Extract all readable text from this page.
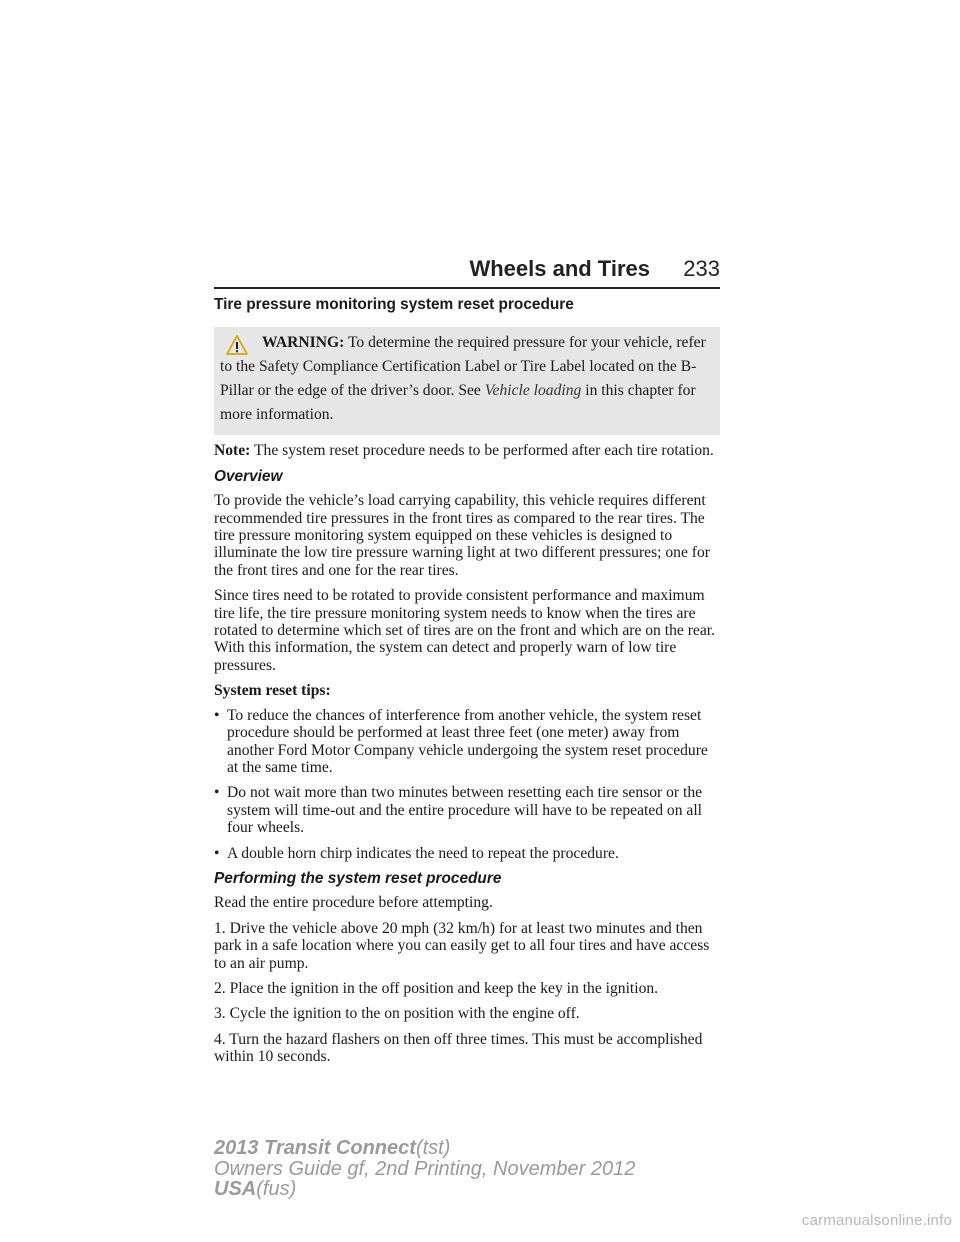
Wheels and Tires 233
Tire pressure monitoring system reset procedure
WARNING: To determine the required pressure for your vehicle, refer to the Safety Compliance Certification Label or Tire Label located on the B-Pillar or the edge of the driver’s door. See Vehicle loading in this chapter for more information.
Note: The system reset procedure needs to be performed after each tire rotation.
Overview
To provide the vehicle’s load carrying capability, this vehicle requires different recommended tire pressures in the front tires as compared to the rear tires. The tire pressure monitoring system equipped on these vehicles is designed to illuminate the low tire pressure warning light at two different pressures; one for the front tires and one for the rear tires.
Since tires need to be rotated to provide consistent performance and maximum tire life, the tire pressure monitoring system needs to know when the tires are rotated to determine which set of tires are on the front and which are on the rear. With this information, the system can detect and properly warn of low tire pressures.
System reset tips:
• To reduce the chances of interference from another vehicle, the system reset procedure should be performed at least three feet (one meter) away from another Ford Motor Company vehicle undergoing the system reset procedure at the same time.
• Do not wait more than two minutes between resetting each tire sensor or the system will time-out and the entire procedure will have to be repeated on all four wheels.
• A double horn chirp indicates the need to repeat the procedure.
Performing the system reset procedure
Read the entire procedure before attempting.
1. Drive the vehicle above 20 mph (32 km/h) for at least two minutes and then park in a safe location where you can easily get to all four tires and have access to an air pump.
2. Place the ignition in the off position and keep the key in the ignition.
3. Cycle the ignition to the on position with the engine off.
4. Turn the hazard flashers on then off three times. This must be accomplished within 10 seconds.
2013 Transit Connect(tst)
Owners Guide gf, 2nd Printing, November 2012
USA(fus)
carmanualsonline.info
